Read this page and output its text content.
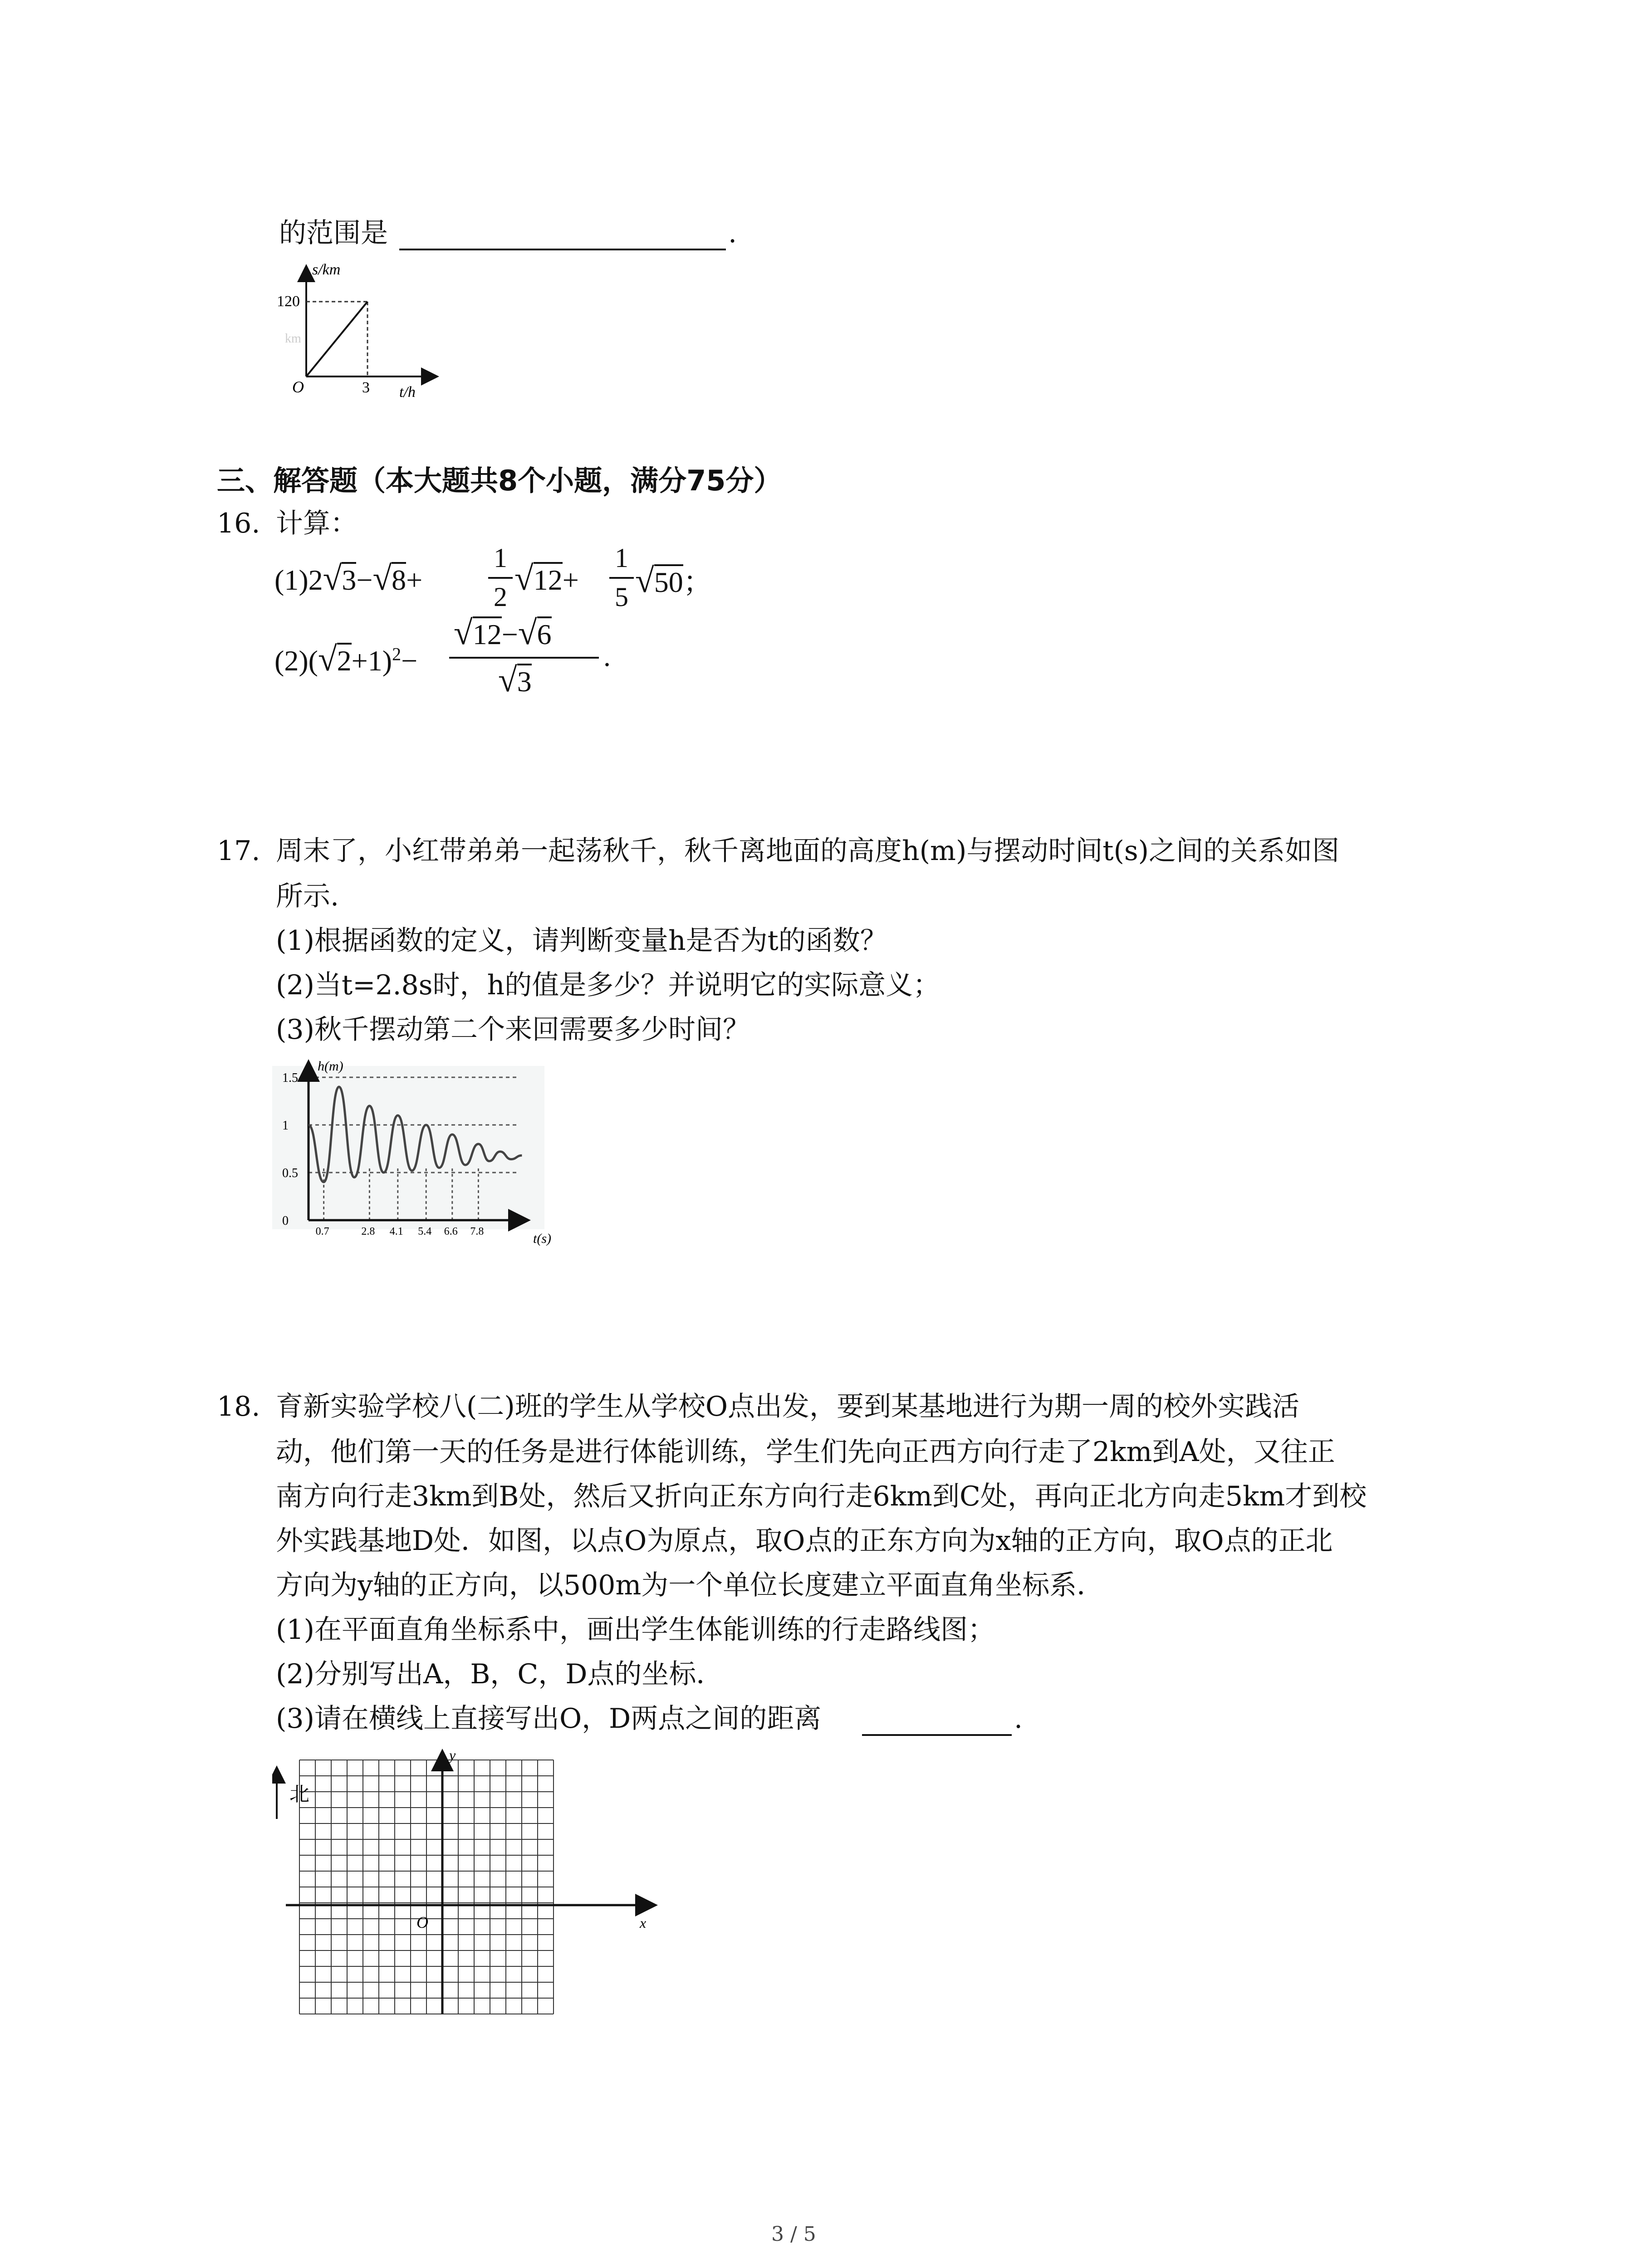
的范围是	.
s/km
120
km
O	3 t/h
三、解答题（本大题共8个小题，满分75分）
16. 计算：
(1)2√3−√8+
1
2 √12+
1
5 √50；
$(2)(√2+1)^2-$
√12−√6
√3
.
17. 周末了，小红带弟弟一起荡秋千，秋千离地面的高度h(m)与摆动时间t(s)之间的关系如图
所示.
(1)根据函数的定义，请判断变量h是否为t的函数？
(2)当t=2.8s时，h的值是多少？并说明它的实际意义；
(3)秋千摆动第二个来回需要多少时间？
0.7	2.8 4.1 5.4 6.6 7.8
1.5
1
0.5
0
h(m)
t(s)
18. 育新实验学校八(二)班的学生从学校O点出发，要到某基地进行为期一周的校外实践活
动，他们第一天的任务是进行体能训练，学生们先向正西方向行走了2km到A处，又往正
南方向行走3km到B处，然后又折向正东方向行走6km到C处，再向正北方向走5km才到校
外实践基地D处．如图，以点O为原点，取O点的正东方向为x轴的正方向，取O点的正北
方向为y轴的正方向，以500m为一个单位长度建立平面直角坐标系．
(1)在平面直角坐标系中，画出学生体能训练的行走路线图；
(2)分别写出A，B，C，D点的坐标．
(3)请在横线上直接写出O，D两点之间的距离	.
北
y
x
O
3 / 5
